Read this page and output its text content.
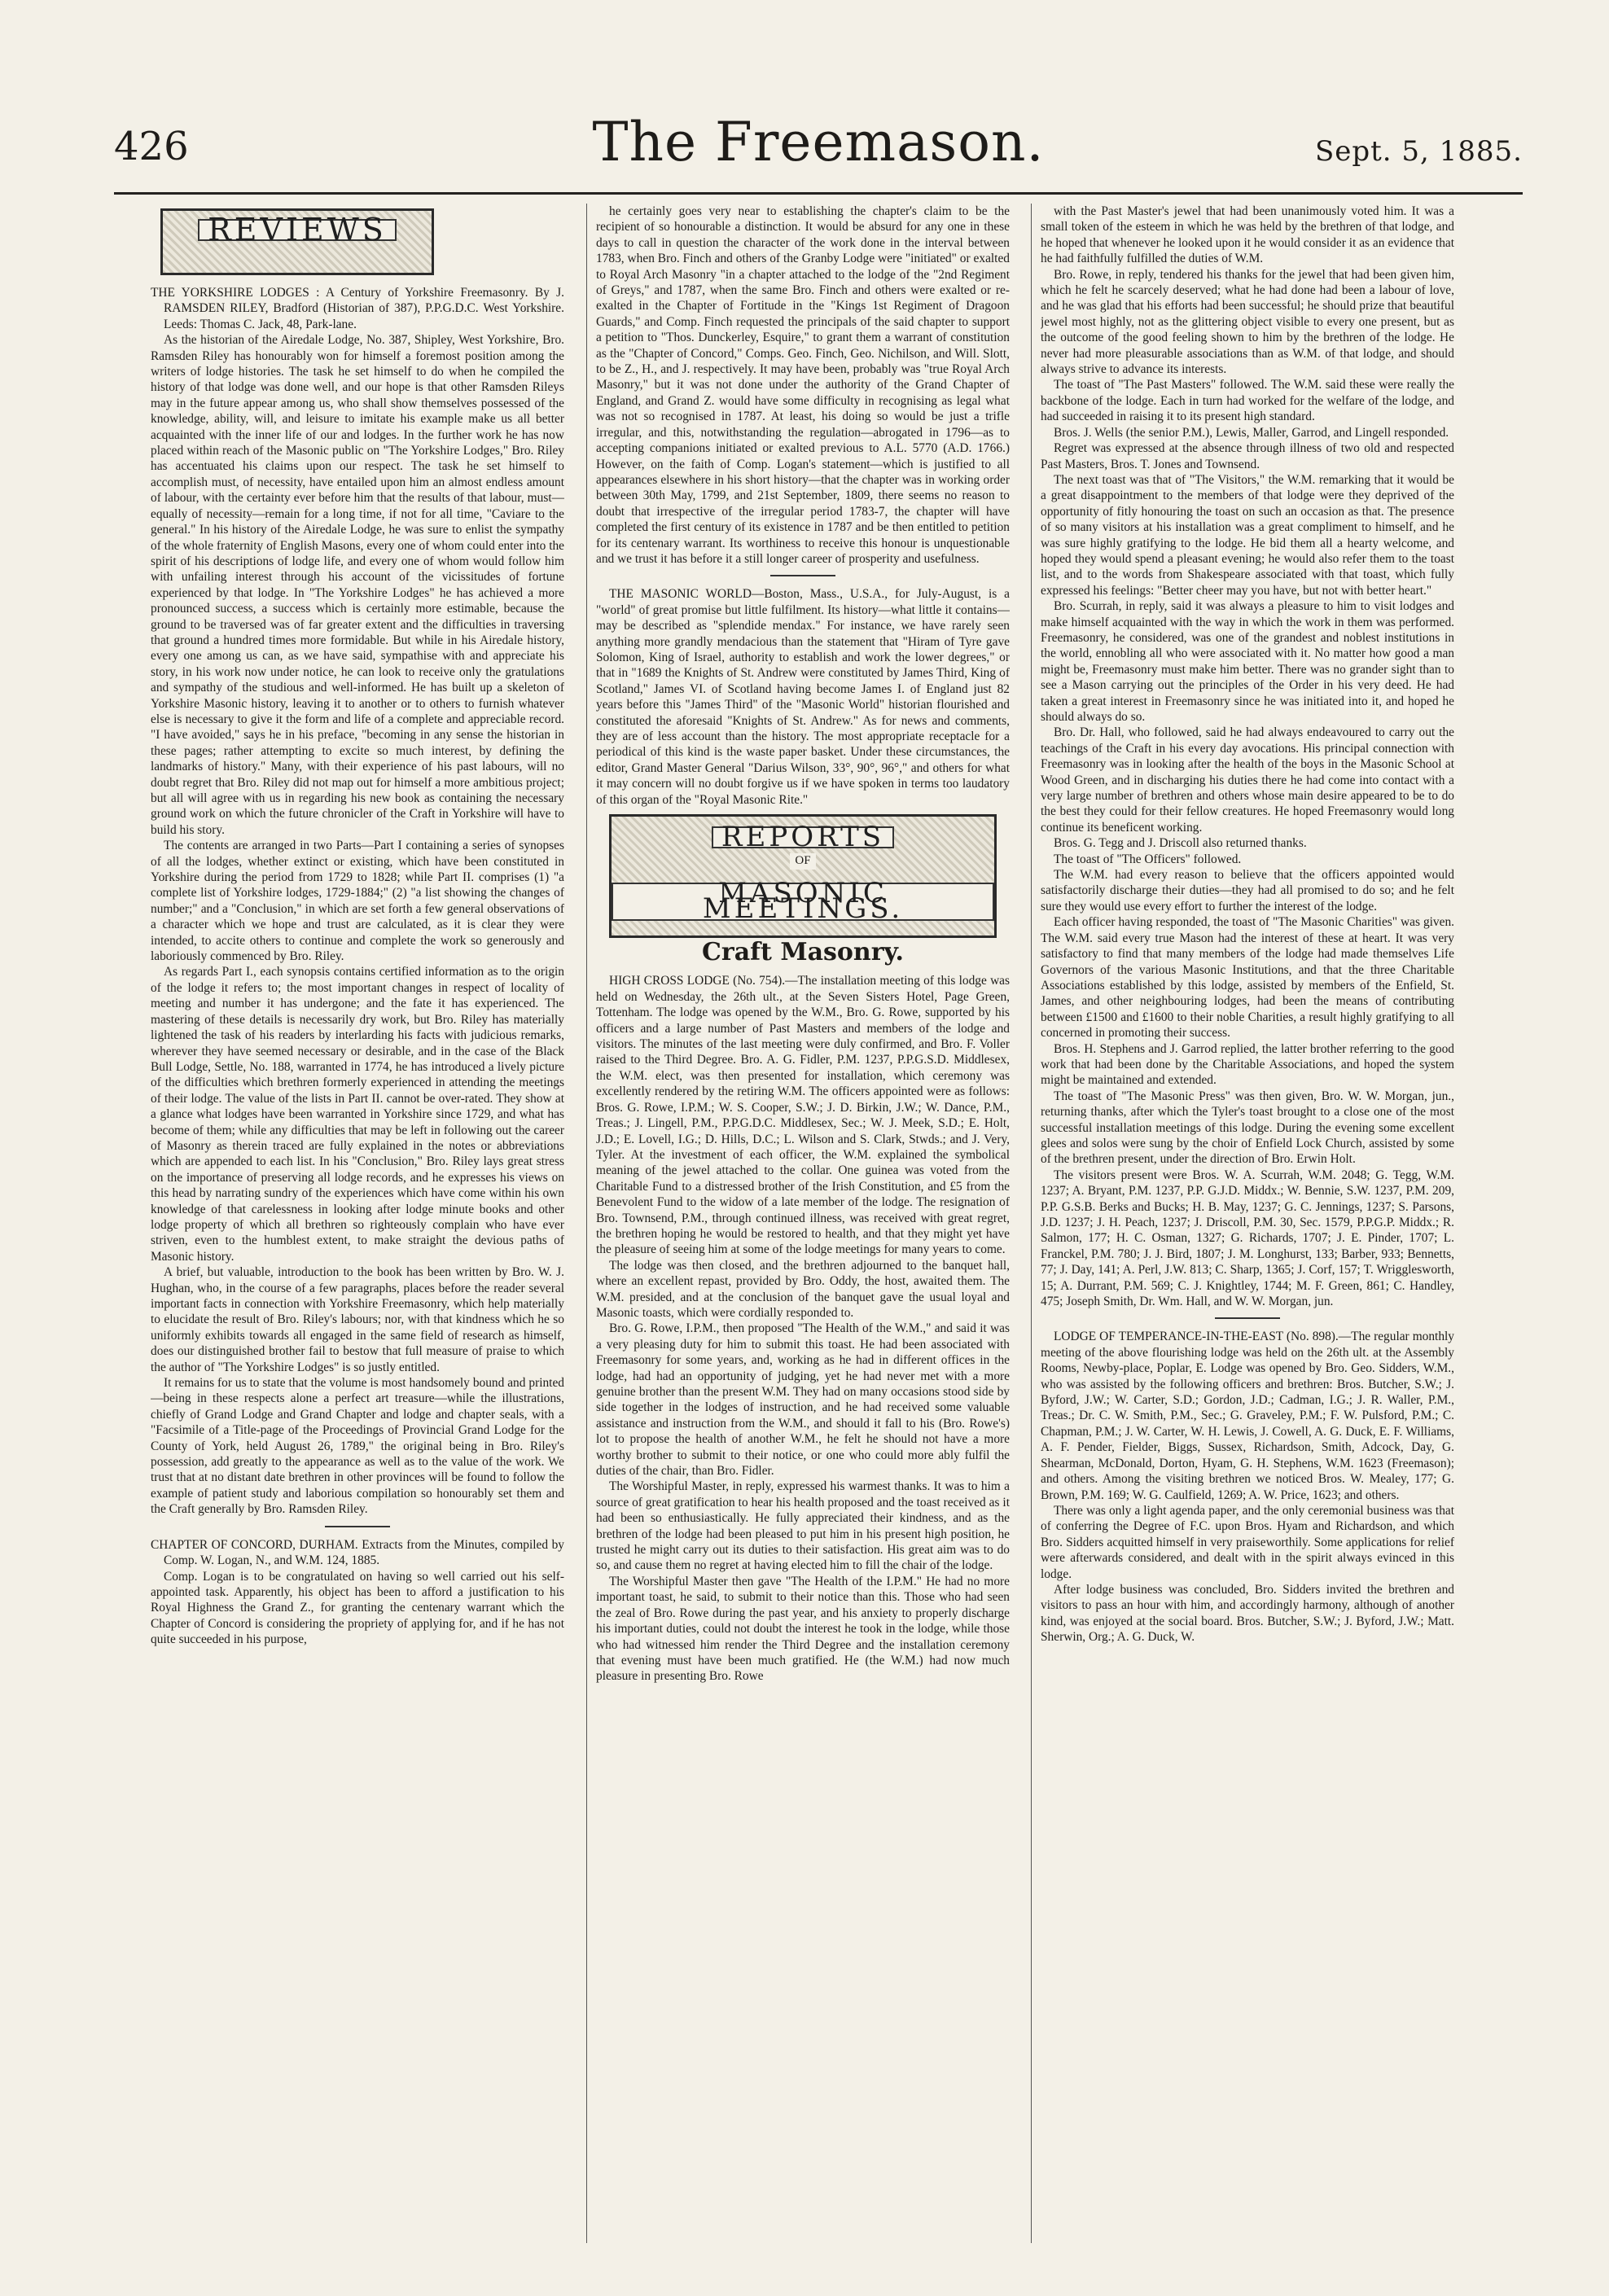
426	The Freemason.	Sept. 5, 1885.
REVIEWS

THE YORKSHIRE LODGES : A Century of Yorkshire Freemasonry. By J. RAMSDEN RILEY, Bradford (Historian of 387), P.P.G.D.C. West Yorkshire. Leeds: Thomas C. Jack, 48, Park-lane.

As the historian of the Airedale Lodge, No. 387, Shipley, West Yorkshire, Bro. Ramsden Riley has honourably won for himself a foremost position among the writers of lodge histories. The task he set himself to do when he compiled the history of that lodge was done well, and our hope is that other Ramsden Rileys may in the future appear among us, who shall show themselves possessed of the knowledge, ability, will, and leisure to imitate his example make us all better acquainted with the inner life of our and lodges. In the further work he has now placed within reach of the Masonic public on "The Yorkshire Lodges," Bro. Riley has accentuated his claims upon our respect. The task he set himself to accomplish must, of necessity, have entailed upon him an almost endless amount of labour, with the certainty ever before him that the results of that labour, must—equally of necessity—remain for a long time, if not for all time, "Caviare to the general." In his history of the Airedale Lodge, he was sure to enlist the sympathy of the whole fraternity of English Masons, every one of whom could enter into the spirit of his descriptions of lodge life, and every one of whom would follow him with unfailing interest through his account of the vicissitudes of fortune experienced by that lodge. In "The Yorkshire Lodges" he has achieved a more pronounced success, a success which is certainly more estimable, because the ground to be traversed was of far greater extent and the difficulties in traversing that ground a hundred times more formidable. But while in his Airedale history, every one among us can, as we have said, sympathise with and appreciate his story, in his work now under notice, he can look to receive only the gratulations and sympathy of the studious and well-informed. He has built up a skeleton of Yorkshire Masonic history, leaving it to another or to others to furnish whatever else is necessary to give it the form and life of a complete and appreciable record. "I have avoided," says he in his preface, "becoming in any sense the historian in these pages; rather attempting to excite so much interest, by defining the landmarks of history." Many, with their experience of his past labours, will no doubt regret that Bro. Riley did not map out for himself a more ambitious project; but all will agree with us in regarding his new book as containing the necessary ground work on which the future chronicler of the Craft in Yorkshire will have to build his story.

The contents are arranged in two Parts—Part I containing a series of synopses of all the lodges, whether extinct or existing, which have been constituted in Yorkshire during the period from 1729 to 1828; while Part II. comprises (1) "a complete list of Yorkshire lodges, 1729-1884;" (2) "a list showing the changes of number;" and a "Conclusion," in which are set forth a few general observations of a character which we hope and trust are calculated, as it is clear they were intended, to accite others to continue and complete the work so generously and laboriously commenced by Bro. Riley.

As regards Part I., each synopsis contains certified information as to the origin of the lodge it refers to; the most important changes in respect of locality of meeting and number it has undergone; and the fate it has experienced. The mastering of these details is necessarily dry work, but Bro. Riley has materially lightened the task of his readers by interlarding his facts with judicious remarks, wherever they have seemed necessary or desirable, and in the case of the Black Bull Lodge, Settle, No. 188, warranted in 1774, he has introduced a lively picture of the difficulties which brethren formerly experienced in attending the meetings of their lodge. The value of the lists in Part II. cannot be over-rated. They show at a glance what lodges have been warranted in Yorkshire since 1729, and what has become of them; while any difficulties that may be left in following out the career of Masonry as therein traced are fully explained in the notes or abbreviations which are appended to each list. In his "Conclusion," Bro. Riley lays great stress on the importance of preserving all lodge records, and he expresses his views on this head by narrating sundry of the experiences which have come within his own knowledge of that carelessness in looking after lodge minute books and other lodge property of which all brethren so righteously complain who have ever striven, even to the humblest extent, to make straight the devious paths of Masonic history.

A brief, but valuable, introduction to the book has been written by Bro. W. J. Hughan, who, in the course of a few paragraphs, places before the reader several important facts in connection with Yorkshire Freemasonry, which help materially to elucidate the result of Bro. Riley's labours; nor, with that kindness which he so uniformly exhibits towards all engaged in the same field of research as himself, does our distinguished brother fail to bestow that full measure of praise to which the author of "The Yorkshire Lodges" is so justly entitled.

It remains for us to state that the volume is most handsomely bound and printed—being in these respects alone a perfect art treasure—while the illustrations, chiefly of Grand Lodge and Grand Chapter and lodge and chapter seals, with a "Facsimile of a Title-page of the Proceedings of Provincial Grand Lodge for the County of York, held August 26, 1789," the original being in Bro. Riley's possession, add greatly to the appearance as well as to the value of the work. We trust that at no distant date brethren in other provinces will be found to follow the example of patient study and laborious compilation so honourably set them and the Craft generally by Bro. Ramsden Riley.

CHAPTER OF CONCORD, DURHAM. Extracts from the Minutes, compiled by Comp. W. Logan, N., and W.M. 124, 1885.

Comp. Logan is to be congratulated on having so well carried out his self-appointed task. Apparently, his object has been to afford a justification to his Royal Highness the Grand Z., for granting the centenary warrant which the Chapter of Concord is considering the propriety of applying for, and if he has not quite succeeded in his purpose,

he certainly goes very near to establishing the chapter's claim to be the recipient of so honourable a distinction. It would be absurd for any one in these days to call in question the character of the work done in the interval between 1783, when Bro. Finch and others of the Granby Lodge were "initiated" or exalted to Royal Arch Masonry "in a chapter attached to the lodge of the "2nd Regiment of Greys," and 1787, when the same Bro. Finch and others were exalted or re-exalted in the Chapter of Fortitude in the "Kings 1st Regiment of Dragoon Guards," and Comp. Finch requested the principals of the said chapter to support a petition to "Thos. Dunckerley, Esquire," to grant them a warrant of constitution as the "Chapter of Concord," Comps. Geo. Finch, Geo. Nichilson, and Will. Slott, to be Z., H., and J. respectively. It may have been, probably was "true Royal Arch Masonry," but it was not done under the authority of the Grand Chapter of England, and Grand Z. would have some difficulty in recognising as legal what was not so recognised in 1787. At least, his doing so would be just a trifle irregular, and this, notwithstanding the regulation—abrogated in 1796—as to accepting companions initiated or exalted previous to A.L. 5770 (A.D. 1766.) However, on the faith of Comp. Logan's statement—which is justified to all appearances elsewhere in his short history—that the chapter was in working order between 30th May, 1799, and 21st September, 1809, there seems no reason to doubt that irrespective of the irregular period 1783-7, the chapter will have completed the first century of its existence in 1787 and be then entitled to petition for its centenary warrant. Its worthiness to receive this honour is unquestionable and we trust it has before it a still longer career of prosperity and usefulness.

THE MASONIC WORLD—Boston, Mass., U.S.A., for July-August, is a "world" of great promise but little fulfilment. Its history—what little it contains—may be described as "splendide mendax." For instance, we have rarely seen anything more grandly mendacious than the statement that "Hiram of Tyre gave Solomon, King of Israel, authority to establish and work the lower degrees," or that in "1689 the Knights of St. Andrew were constituted by James Third, King of Scotland," James VI. of Scotland having become James I. of England just 82 years before this "James Third" of the "Masonic World" historian flourished and constituted the aforesaid "Knights of St. Andrew." As for news and comments, they are of less account than the history. The most appropriate receptacle for a periodical of this kind is the waste paper basket. Under these circumstances, the editor, Grand Master General "Darius Wilson, 33°, 90°, 96°," and others for what it may concern will no doubt forgive us if we have spoken in terms too laudatory of this organ of the "Royal Masonic Rite."

REPORTS
OF
MASONIC MEETINGS.
Craft Masonry.

HIGH CROSS LODGE (No. 754).—The installation meeting of this lodge was held on Wednesday, the 26th ult., at the Seven Sisters Hotel, Page Green, Tottenham. The lodge was opened by the W.M., Bro. G. Rowe, supported by his officers and a large number of Past Masters and members of the lodge and visitors. The minutes of the last meeting were duly confirmed, and Bro. F. Voller raised to the Third Degree. Bro. A. G. Fidler, P.M. 1237, P.P.G.S.D. Middlesex, the W.M. elect, was then presented for installation, which ceremony was excellently rendered by the retiring W.M. The officers appointed were as follows: Bros. G. Rowe, I.P.M.; W. S. Cooper, S.W.; J. D. Birkin, J.W.; W. Dance, P.M., Treas.; J. Lingell, P.M., P.P.G.D.C. Middlesex, Sec.; W. J. Meek, S.D.; E. Holt, J.D.; E. Lovell, I.G.; D. Hills, D.C.; L. Wilson and S. Clark, Stwds.; and J. Very, Tyler. At the investment of each officer, the W.M. explained the symbolical meaning of the jewel attached to the collar. One guinea was voted from the Charitable Fund to a distressed brother of the Irish Constitution, and £5 from the Benevolent Fund to the widow of a late member of the lodge. The resignation of Bro. Townsend, P.M., through continued illness, was received with great regret, the brethren hoping he would be restored to health, and that they might yet have the pleasure of seeing him at some of the lodge meetings for many years to come.

The lodge was then closed, and the brethren adjourned to the banquet hall, where an excellent repast, provided by Bro. Oddy, the host, awaited them. The W.M. presided, and at the conclusion of the banquet gave the usual loyal and Masonic toasts, which were cordially responded to.

Bro. G. Rowe, I.P.M., then proposed "The Health of the W.M.," and said it was a very pleasing duty for him to submit this toast. He had been associated with Freemasonry for some years, and, working as he had in different offices in the lodge, had had an opportunity of judging, yet he had never met with a more genuine brother than the present W.M. They had on many occasions stood side by side together in the lodges of instruction, and he had received some valuable assistance and instruction from the W.M., and should it fall to his (Bro. Rowe's) lot to propose the health of another W.M., he felt he should not have a more worthy brother to submit to their notice, or one who could more ably fulfil the duties of the chair, than Bro. Fidler.

The Worshipful Master, in reply, expressed his warmest thanks. It was to him a source of great gratification to hear his health proposed and the toast received as it had been so enthusiastically. He fully appreciated their kindness, and as the brethren of the lodge had been pleased to put him in his present high position, he trusted he might carry out its duties to their satisfaction. His great aim was to do so, and cause them no regret at having elected him to fill the chair of the lodge.

The Worshipful Master then gave "The Health of the I.P.M." He had no more important toast, he said, to submit to their notice than this. Those who had seen the zeal of Bro. Rowe during the past year, and his anxiety to properly discharge his important duties, could not doubt the interest he took in the lodge, while those who had witnessed him render the Third Degree and the installation ceremony that evening must have been much gratified. He (the W.M.) had now much pleasure in presenting Bro. Rowe

with the Past Master's jewel that had been unanimously voted him. It was a small token of the esteem in which he was held by the brethren of that lodge, and he hoped that whenever he looked upon it he would consider it as an evidence that he had faithfully fulfilled the duties of W.M.

Bro. Rowe, in reply, tendered his thanks for the jewel that had been given him, which he felt he scarcely deserved; what he had done had been a labour of love, and he was glad that his efforts had been successful; he should prize that beautiful jewel most highly, not as the glittering object visible to every one present, but as the outcome of the good feeling shown to him by the brethren of the lodge. He never had more pleasurable associations than as W.M. of that lodge, and should always strive to advance its interests.

The toast of "The Past Masters" followed. The W.M. said these were really the backbone of the lodge. Each in turn had worked for the welfare of the lodge, and had succeeded in raising it to its present high standard.

Bros. J. Wells (the senior P.M.), Lewis, Maller, Garrod, and Lingell responded.

Regret was expressed at the absence through illness of two old and respected Past Masters, Bros. T. Jones and Townsend.

The next toast was that of "The Visitors," the W.M. remarking that it would be a great disappointment to the members of that lodge were they deprived of the opportunity of fitly honouring the toast on such an occasion as that. The presence of so many visitors at his installation was a great compliment to himself, and he was sure highly gratifying to the lodge. He bid them all a hearty welcome, and hoped they would spend a pleasant evening; he would also refer them to the toast list, and to the words from Shakespeare associated with that toast, which fully expressed his feelings: "Better cheer may you have, but not with better heart."

Bro. Scurrah, in reply, said it was always a pleasure to him to visit lodges and make himself acquainted with the way in which the work in them was performed. Freemasonry, he considered, was one of the grandest and noblest institutions in the world, ennobling all who were associated with it. No matter how good a man might be, Freemasonry must make him better. There was no grander sight than to see a Mason carrying out the principles of the Order in his very deed. He had taken a great interest in Freemasonry since he was initiated into it, and hoped he should always do so.

Bro. Dr. Hall, who followed, said he had always endeavoured to carry out the teachings of the Craft in his every day avocations. His principal connection with Freemasonry was in looking after the health of the boys in the Masonic School at Wood Green, and in discharging his duties there he had come into contact with a very large number of brethren and others whose main desire appeared to be to do the best they could for their fellow creatures. He hoped Freemasonry would long continue its beneficent working.

Bros. G. Tegg and J. Driscoll also returned thanks.

The toast of "The Officers" followed.

The W.M. had every reason to believe that the officers appointed would satisfactorily discharge their duties—they had all promised to do so; and he felt sure they would use every effort to further the interest of the lodge.

Each officer having responded, the toast of "The Masonic Charities" was given. The W.M. said every true Mason had the interest of these at heart. It was very satisfactory to find that many members of the lodge had made themselves Life Governors of the various Masonic Institutions, and that the three Charitable Associations established by this lodge, assisted by members of the Enfield, St. James, and other neighbouring lodges, had been the means of contributing between £1500 and £1600 to their noble Charities, a result highly gratifying to all concerned in promoting their success.

Bros. H. Stephens and J. Garrod replied, the latter brother referring to the good work that had been done by the Charitable Associations, and hoped the system might be maintained and extended.

The toast of "The Masonic Press" was then given, Bro. W. W. Morgan, jun., returning thanks, after which the Tyler's toast brought to a close one of the most successful installation meetings of this lodge. During the evening some excellent glees and solos were sung by the choir of Enfield Lock Church, assisted by some of the brethren present, under the direction of Bro. Erwin Holt.

The visitors present were Bros. W. A. Scurrah, W.M. 2048; G. Tegg, W.M. 1237; A. Bryant, P.M. 1237, P.P. G.J.D. Middx.; W. Bennie, S.W. 1237, P.M. 209, P.P. G.S.B. Berks and Bucks; H. B. May, 1237; G. C. Jennings, 1237; S. Parsons, J.D. 1237; J. H. Peach, 1237; J. Driscoll, P.M. 30, Sec. 1579, P.P.G.P. Middx.; R. Salmon, 177; H. C. Osman, 1327; G. Richards, 1707; J. E. Pinder, 1707; L. Franckel, P.M. 780; J. J. Bird, 1807; J. M. Longhurst, 133; Barber, 933; Bennetts, 77; J. Day, 141; A. Perl, J.W. 813; C. Sharp, 1365; J. Corf, 157; T. Wrigglesworth, 15; A. Durrant, P.M. 569; C. J. Knightley, 1744; M. F. Green, 861; C. Handley, 475; Joseph Smith, Dr. Wm. Hall, and W. W. Morgan, jun.

LODGE OF TEMPERANCE-IN-THE-EAST (No. 898).—The regular monthly meeting of the above flourishing lodge was held on the 26th ult. at the Assembly Rooms, Newby-place, Poplar, E. Lodge was opened by Bro. Geo. Sidders, W.M., who was assisted by the following officers and brethren: Bros. Butcher, S.W.; J. Byford, J.W.; W. Carter, S.D.; Gordon, J.D.; Cadman, I.G.; J. R. Waller, P.M., Treas.; Dr. C. W. Smith, P.M., Sec.; G. Graveley, P.M.; F. W. Pulsford, P.M.; C. Chapman, P.M.; J. W. Carter, W. H. Lewis, J. Cowell, A. G. Duck, E. F. Williams, A. F. Pender, Fielder, Biggs, Sussex, Richardson, Smith, Adcock, Day, G. Shearman, McDonald, Dorton, Hyam, G. H. Stephens, W.M. 1623 (Freemason); and others. Among the visiting brethren we noticed Bros. W. Mealey, 177; G. Brown, P.M. 169; W. G. Caulfield, 1269; A. W. Price, 1623; and others.

There was only a light agenda paper, and the only ceremonial business was that of conferring the Degree of F.C. upon Bros. Hyam and Richardson, and which Bro. Sidders acquitted himself in very praiseworthily. Some applications for relief were afterwards considered, and dealt with in the spirit always evinced in this lodge.

After lodge business was concluded, Bro. Sidders invited the brethren and visitors to pass an hour with him, and accordingly harmony, although of another kind, was enjoyed at the social board. Bros. Butcher, S.W.; J. Byford, J.W.; Matt. Sherwin, Org.; A. G. Duck, W.
